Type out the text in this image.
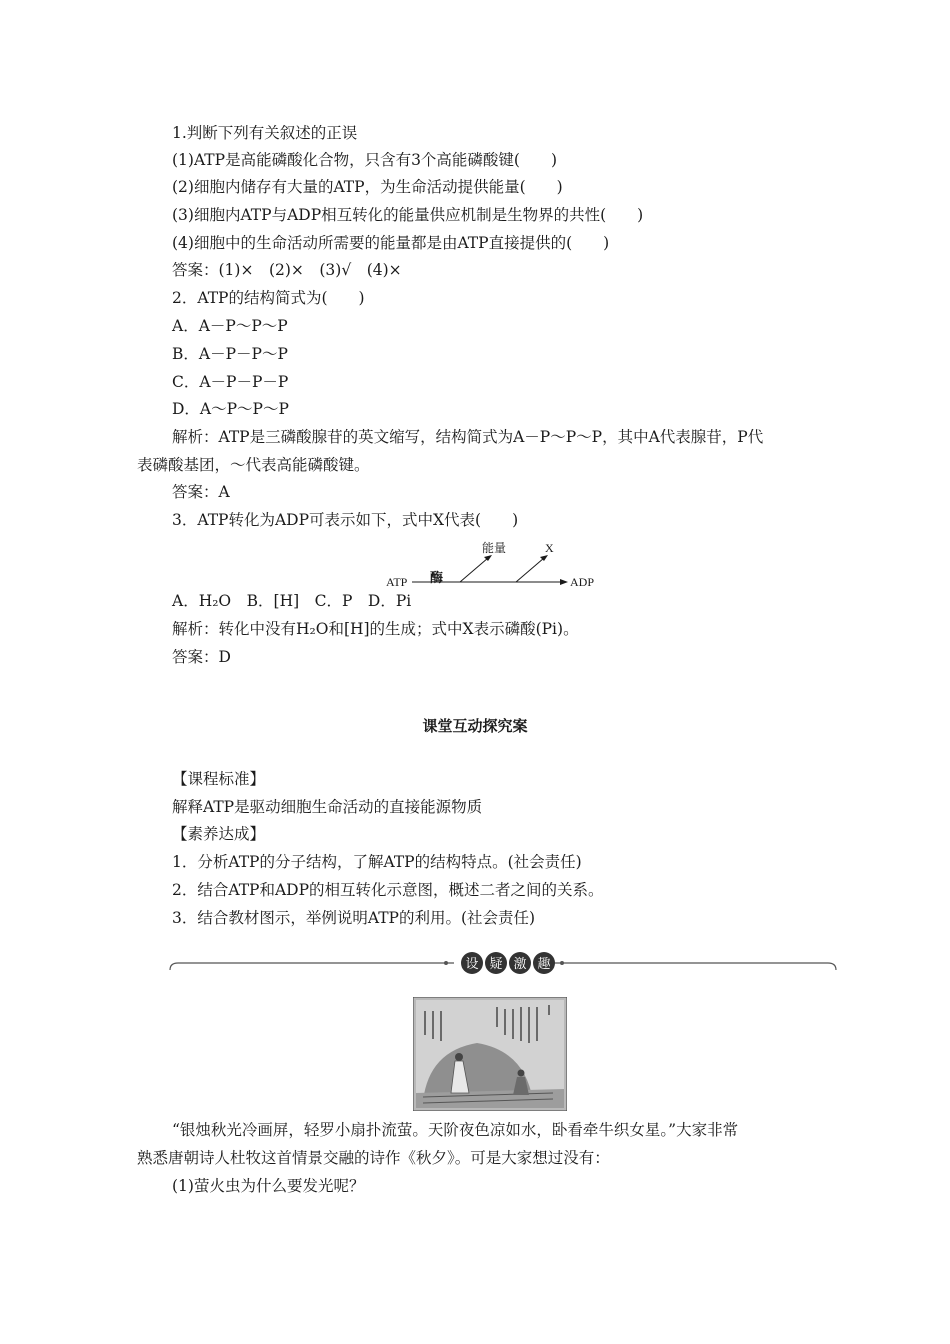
1.判断下列有关叙述的正误
(1)ATP是高能磷酸化合物，只含有3个高能磷酸键(　　)
(2)细胞内储存有大量的ATP，为生命活动提供能量(　　)
(3)细胞内ATP与ADP相互转化的能量供应机制是生物界的共性(　　)
(4)细胞中的生命活动所需要的能量都是由ATP直接提供的(　　)
答案：(1)×　(2)×　(3)√　(4)×
2．ATP的结构简式为(　　)
A．A－P～P～P
B．A－P－P～P
C．A－P－P－P
D．A～P～P～P
解析：ATP是三磷酸腺苷的英文缩写，结构简式为A－P～P～P，其中A代表腺苷，P代
表磷酸基团，～代表高能磷酸键。
答案：A
3．ATP转化为ADP可表示如下，式中X代表(　　)
ATP 酶
能量	X
ADP
A．H₂O　B．[H]　C．P　D．Pi
解析：转化中没有H₂O和[H]的生成；式中X表示磷酸(Pi)。
答案：D
课堂互动探究案
【课程标准】
解释ATP是驱动细胞生命活动的直接能源物质
【素养达成】
1．分析ATP的分子结构，了解ATP的结构特点。(社会责任)
2．结合ATP和ADP的相互转化示意图，概述二者之间的关系。
3．结合教材图示，举例说明ATP的利用。(社会责任)
设 疑 激 趣
“银烛秋光冷画屏，轻罗小扇扑流萤。天阶夜色凉如水，卧看牵牛织女星。”大家非常
熟悉唐朝诗人杜牧这首情景交融的诗作《秋夕》。可是大家想过没有：
(1)萤火虫为什么要发光呢？
